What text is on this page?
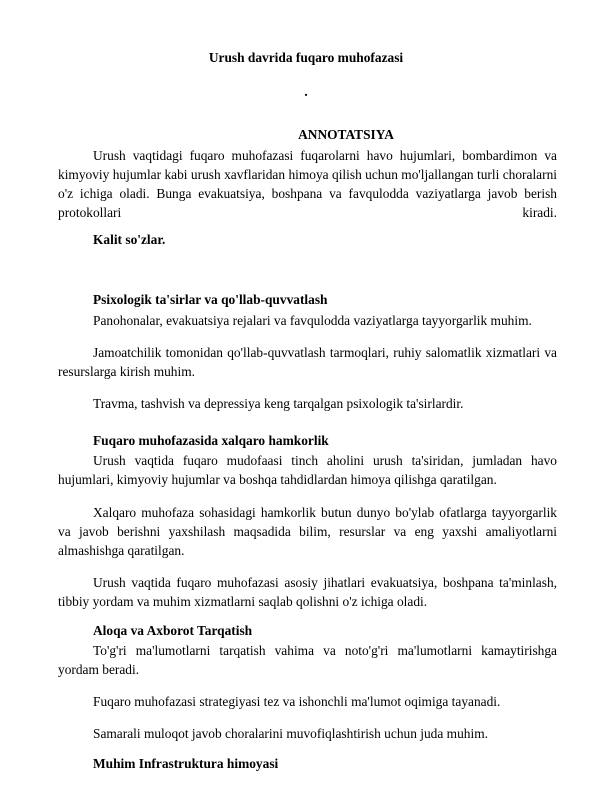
Urush davrida fuqaro muhofazasi
.
ANNOTATSIYA

Urush vaqtidagi fuqaro muhofazasi fuqarolarni havo hujumlari, bombardimon va kimyoviy hujumlar kabi urush xavflaridan himoya qilish uchun mo'ljallangan turli choralarni o'z ichiga oladi. Bunga evakuatsiya, boshpana va favqulodda vaziyatlarga javob berish protokollari kiradi.

Kalit so'zlar.
Psixologik ta'sirlar va qo'llab-quvvatlash

Panohonalar, evakuatsiya rejalari va favqulodda vaziyatlarga tayyorgarlik muhim.

Jamoatchilik tomonidan qo'llab-quvvatlash tarmoqlari, ruhiy salomatlik xizmatlari va resurslarga kirish muhim.

Travma, tashvish va depressiya keng tarqalgan psixologik ta'sirlardir.

Fuqaro muhofazasida xalqaro hamkorlik

Urush vaqtida fuqaro mudofaasi tinch aholini urush ta'siridan, jumladan havo hujumlari, kimyoviy hujumlar va boshqa tahdidlardan himoya qilishga qaratilgan.

Xalqaro muhofaza sohasidagi hamkorlik butun dunyo bo'ylab ofatlarga tayyorgarlik va javob berishni yaxshilash maqsadida bilim, resurslar va eng yaxshi amaliyotlarni almashishga qaratilgan.

Urush vaqtida fuqaro muhofazasi asosiy jihatlari evakuatsiya, boshpana ta'minlash, tibbiy yordam va muhim xizmatlarni saqlab qolishni o'z ichiga oladi.

Aloqa va Axborot Tarqatish

To'g'ri ma'lumotlarni tarqatish vahima va noto'g'ri ma'lumotlarni kamaytirishga yordam beradi.

Fuqaro muhofazasi strategiyasi tez va ishonchli ma'lumot oqimiga tayanadi.

Samarali muloqot javob choralarini muvofiqlashtirish uchun juda muhim.

Muhim Infrastruktura himoyasi
